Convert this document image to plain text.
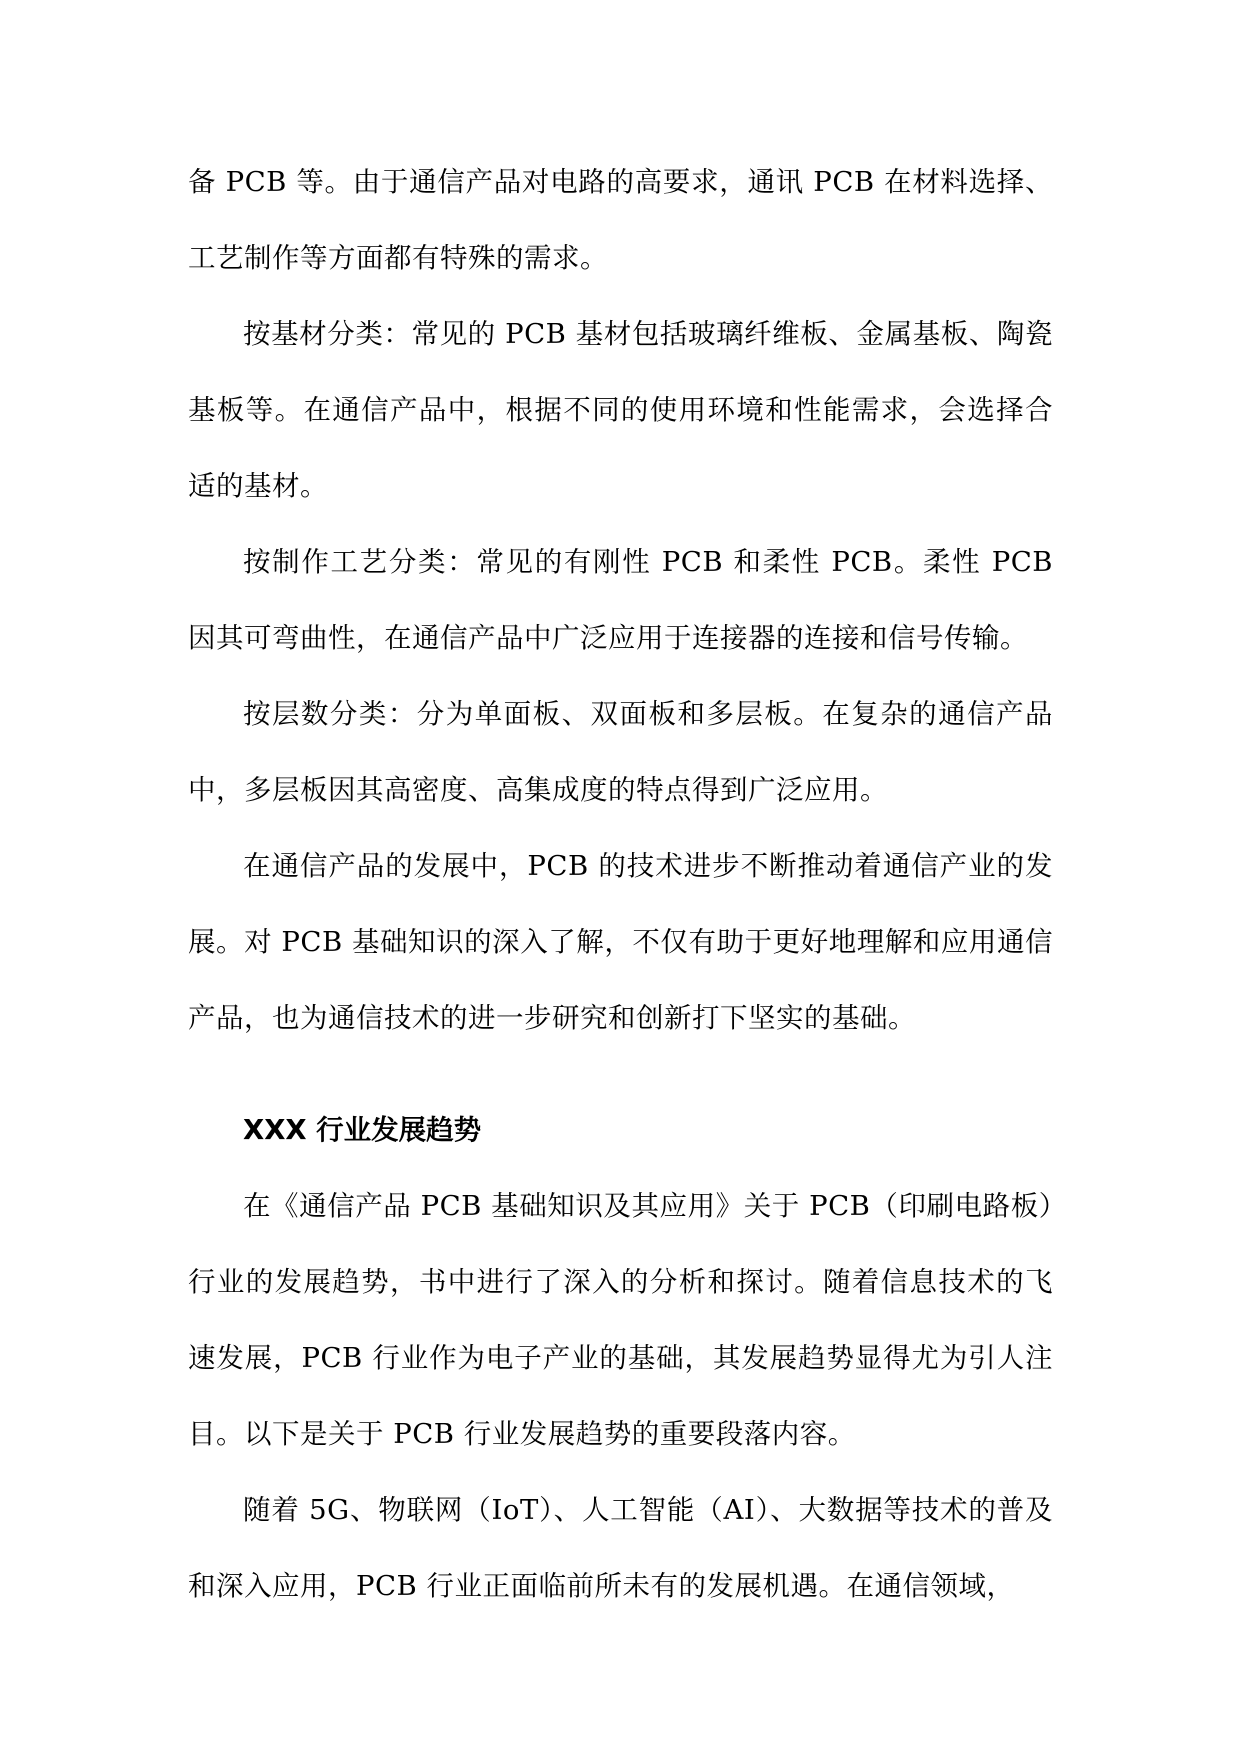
备 PCB 等。由于通信产品对电路的高要求，通讯 PCB 在材料选择、工艺制作等方面都有特殊的需求。

按基材分类：常见的 PCB 基材包括玻璃纤维板、金属基板、陶瓷基板等。在通信产品中，根据不同的使用环境和性能需求，会选择合适的基材。

按制作工艺分类：常见的有刚性 PCB 和柔性 PCB。柔性 PCB 因其可弯曲性，在通信产品中广泛应用于连接器的连接和信号传输。

按层数分类：分为单面板、双面板和多层板。在复杂的通信产品中，多层板因其高密度、高集成度的特点得到广泛应用。

在通信产品的发展中，PCB 的技术进步不断推动着通信产业的发展。对 PCB 基础知识的深入了解，不仅有助于更好地理解和应用通信产品，也为通信技术的进一步研究和创新打下坚实的基础。

XXX 行业发展趋势

在《通信产品 PCB 基础知识及其应用》关于 PCB（印刷电路板）行业的发展趋势，书中进行了深入的分析和探讨。随着信息技术的飞速发展，PCB 行业作为电子产业的基础，其发展趋势显得尤为引人注目。以下是关于 PCB 行业发展趋势的重要段落内容。

随着 5G、物联网（IoT）、人工智能（AI）、大数据等技术的普及和深入应用，PCB 行业正面临前所未有的发展机遇。在通信领域，
